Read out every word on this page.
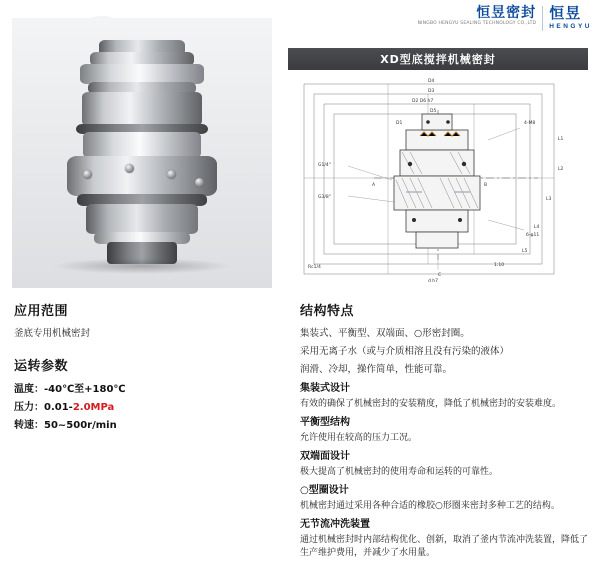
恒昱密封
NINGBO HENGYU SEALING TECHNOLOGY CO.,LTD
恒昱
HENGYU
XD型底搅拌机械密封
D4
D3
D2 D6 h7
D5
D1
d h7
L1
L2
L3
L4
L5
G1/4"
G3/8"
4-M8
6-φ11
Rc1/4	1:10
A	B
C
应用范围

釜底专用机械密封

运转参数
温度：-40℃至+180℃
压力：0.01-2.0MPa
转速：50~500r/min
结构特点

集装式、平衡型、双端面、○形密封圈。

采用无离子水（或与介质相溶且没有污染的液体）

润滑、冷却，操作简单，性能可靠。

集装式设计
有效的确保了机械密封的安装精度，降低了机械密封的安装难度。
平衡型结构
允许使用在较高的压力工况。
双端面设计
极大提高了机械密封的使用寿命和运转的可靠性。
○型圈设计
机械密封通过采用各种合适的橡胶○形圈来密封多种工艺的结构。
无节流冲洗装置
通过机械密封时内部结构优化、创新，取消了釜内节流冲洗装置，降低了生产维护费用，并减少了水用量。
